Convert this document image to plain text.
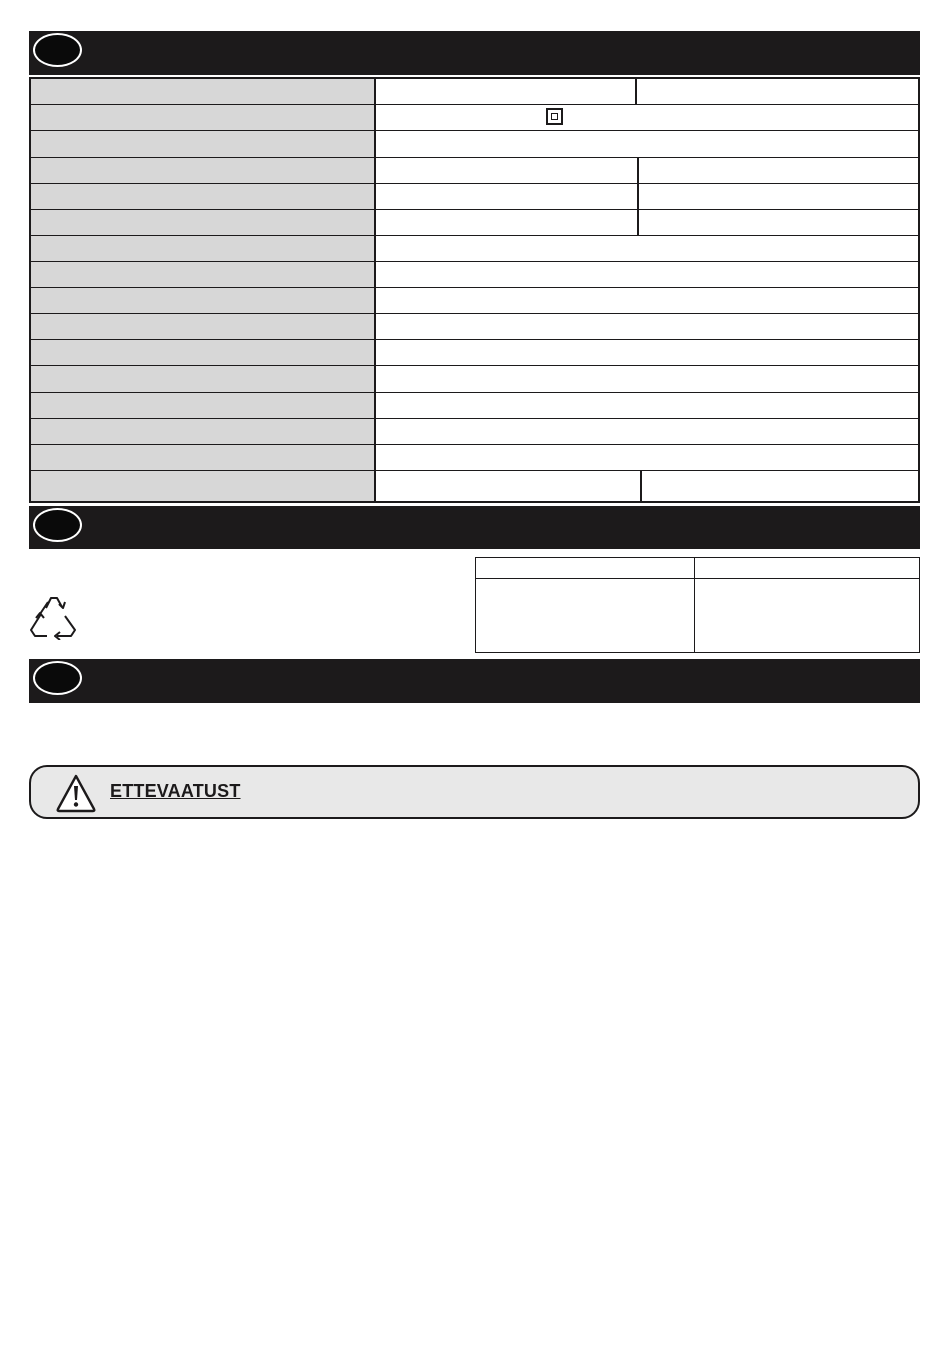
ETTEVAATUST
